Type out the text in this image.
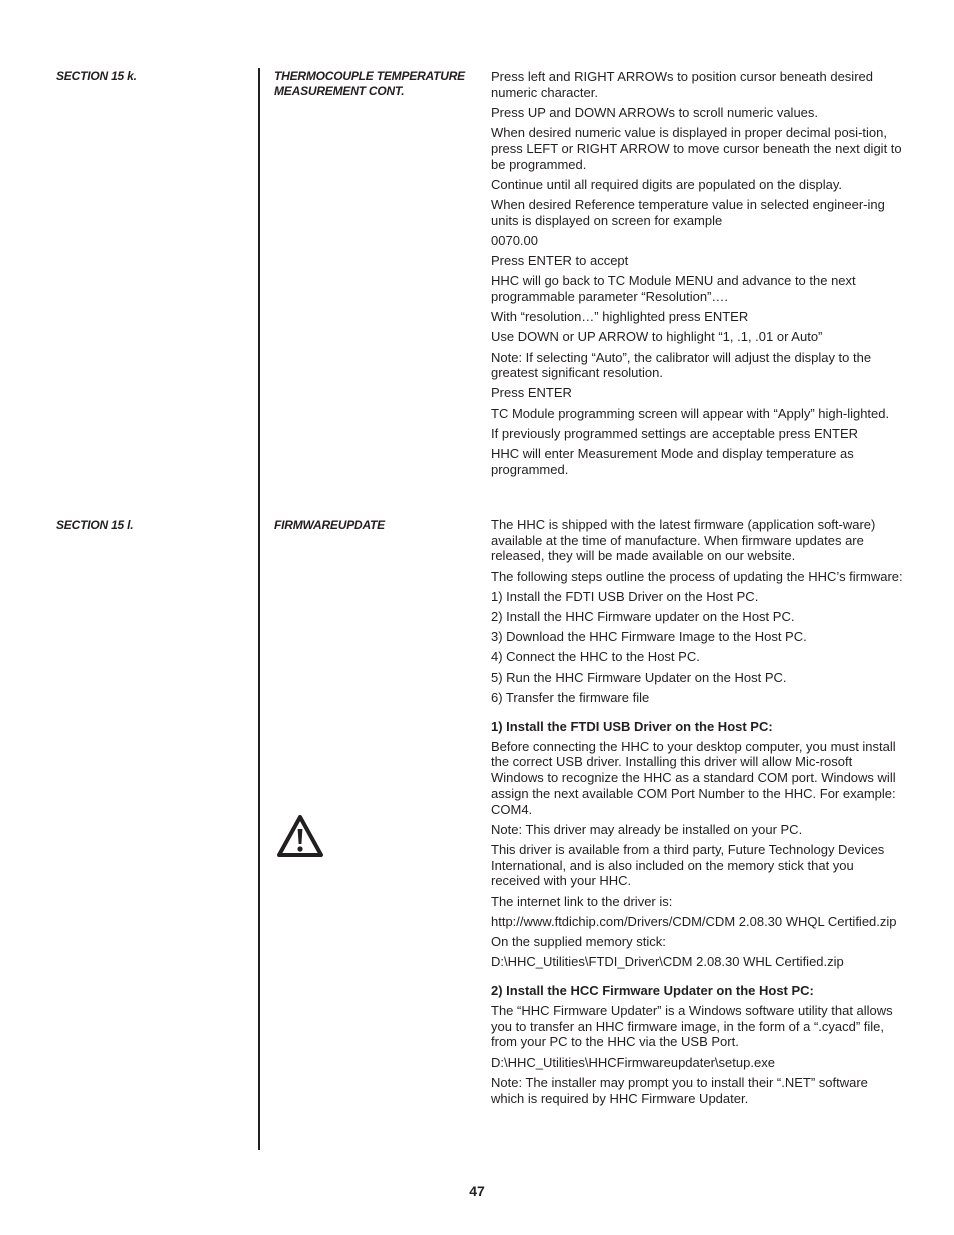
SECTION 15 k.	THERMOCOUPLE TEMPERATURE MEASUREMENT CONT.

Press left and RIGHT ARROWs to position cursor beneath desired numeric character.

Press UP and DOWN ARROWs to scroll numeric values.

When desired numeric value is displayed in proper decimal posi-tion, press LEFT or RIGHT ARROW to move cursor beneath the next digit to be programmed.

Continue until all required digits are populated on the display.

When desired Reference temperature value in selected engineer-ing units is displayed on screen for example

0070.00

Press ENTER to accept

HHC will go back to TC Module MENU and advance to the next programmable parameter “Resolution”….

With “resolution…” highlighted press ENTER

Use DOWN or UP ARROW to highlight “1, .1, .01 or Auto”

Note: If selecting “Auto”, the calibrator will adjust the display to the greatest significant resolution.

Press ENTER

TC Module programming screen will appear with “Apply” high-lighted.

If previously programmed settings are acceptable press ENTER

HHC will enter Measurement Mode and display temperature as programmed.

SECTION 15 l.	FIRMWAREUPDATE	The HHC is shipped with the latest firmware (application soft-ware) available at the time of manufacture. When firmware updates are released, they will be made available on our website.

The following steps outline the process of updating the HHC’s firmware:

1) Install the FDTI USB Driver on the Host PC.

2) Install the HHC Firmware updater on the Host PC.

3) Download the HHC Firmware Image to the Host PC.

4) Connect the HHC to the Host PC.

5) Run the HHC Firmware Updater on the Host PC.

6) Transfer the firmware file

1) Install the FTDI USB Driver on the Host PC:

Before connecting the HHC to your desktop computer, you must install the correct USB driver. Installing this driver will allow Mic-rosoft Windows to recognize the HHC as a standard COM port. Windows will assign the next available COM Port Number to the HHC. For example: COM4.

Note: This driver may already be installed on your PC.

This driver is available from a third party, Future Technology Devices International, and is also included on the memory stick that you received with your HHC.

The internet link to the driver is:

http://www.ftdichip.com/Drivers/CDM/CDM 2.08.30 WHQL Certified.zip

On the supplied memory stick:

D:\HHC_Utilities\FTDI_Driver\CDM 2.08.30 WHL Certified.zip

2) Install the HCC Firmware Updater on the Host PC:

The “HHC Firmware Updater” is a Windows software utility that allows you to transfer an HHC firmware image, in the form of a “.cyacd” file, from your PC to the HHC via the USB Port.

D:\HHC_Utilities\HHCFirmwareupdater\setup.exe

Note: The installer may prompt you to install their “.NET” software which is required by HHC Firmware Updater.

47
